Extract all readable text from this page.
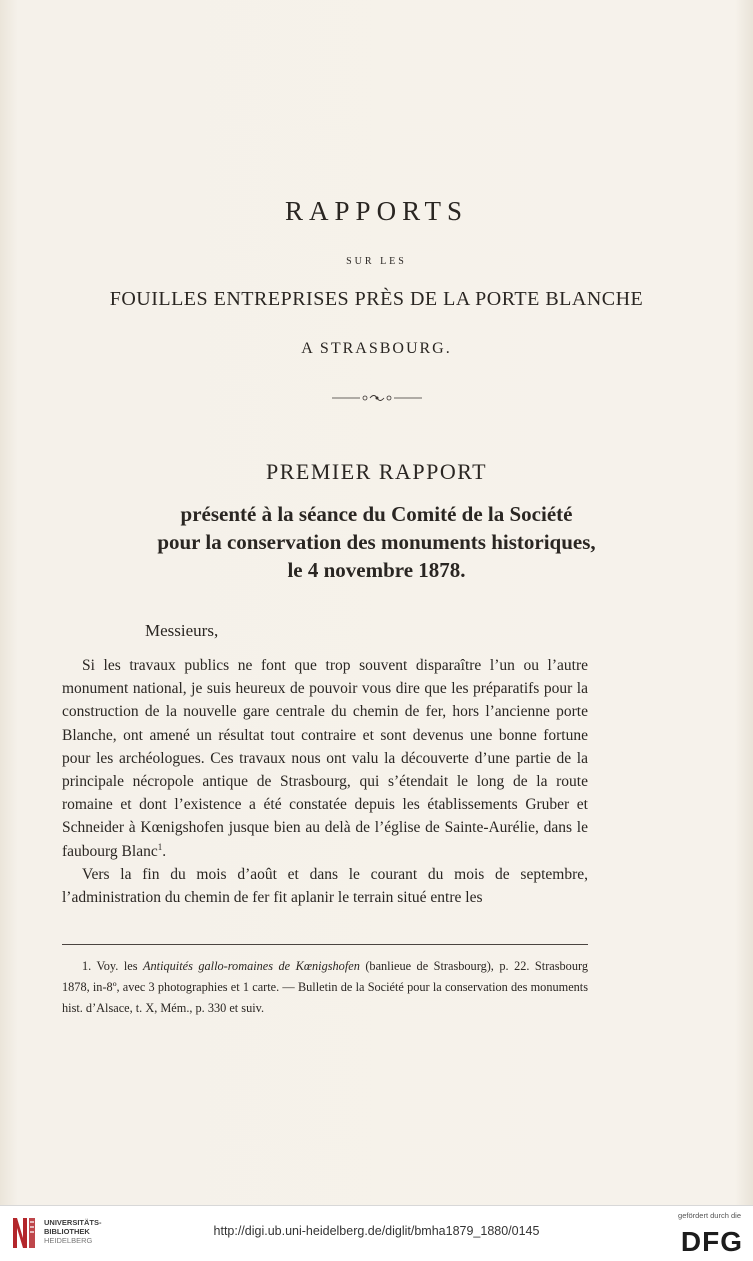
RAPPORTS
SUR LES
FOUILLES ENTREPRISES PRÈS DE LA PORTE BLANCHE
A STRASBOURG.
PREMIER RAPPORT
présenté à la séance du Comité de la Société
pour la conservation des monuments historiques,
le 4 novembre 1878.
Messieurs,

Si les travaux publics ne font que trop souvent disparaître l’un ou l’autre monument national, je suis heureux de pouvoir vous dire que les préparatifs pour la construction de la nouvelle gare centrale du chemin de fer, hors l’ancienne porte Blanche, ont amené un résultat tout contraire et sont devenus une bonne fortune pour les archéologues. Ces travaux nous ont valu la découverte d’une partie de la principale nécropole antique de Strasbourg, qui s’étendait le long de la route romaine et dont l’existence a été constatée depuis les établissements Gruber et Schneider à Kœnigshofen jusque bien au delà de l’église de Sainte-Aurélie, dans le faubourg Blanc$^1$.

Vers la fin du mois d’août et dans le courant du mois de septembre, l’administration du chemin de fer fit aplanir le terrain situé entre les

1. Voy. les Antiquités gallo-romaines de Kœnigshofen (banlieue de Strasbourg), p. 22. Strasbourg 1878, in-8º, avec 3 photographies et 1 carte. — Bulletin de la Société pour la conservation des monuments hist. d’Alsace, t. X, Mém., p. 330 et suiv.

UNIVERSITÄTS-
BIBLIOTHEK
HEIDELBERG
http://digi.ub.uni-heidelberg.de/diglit/bmha1879_1880/0145
gefördert durch die
DFG
